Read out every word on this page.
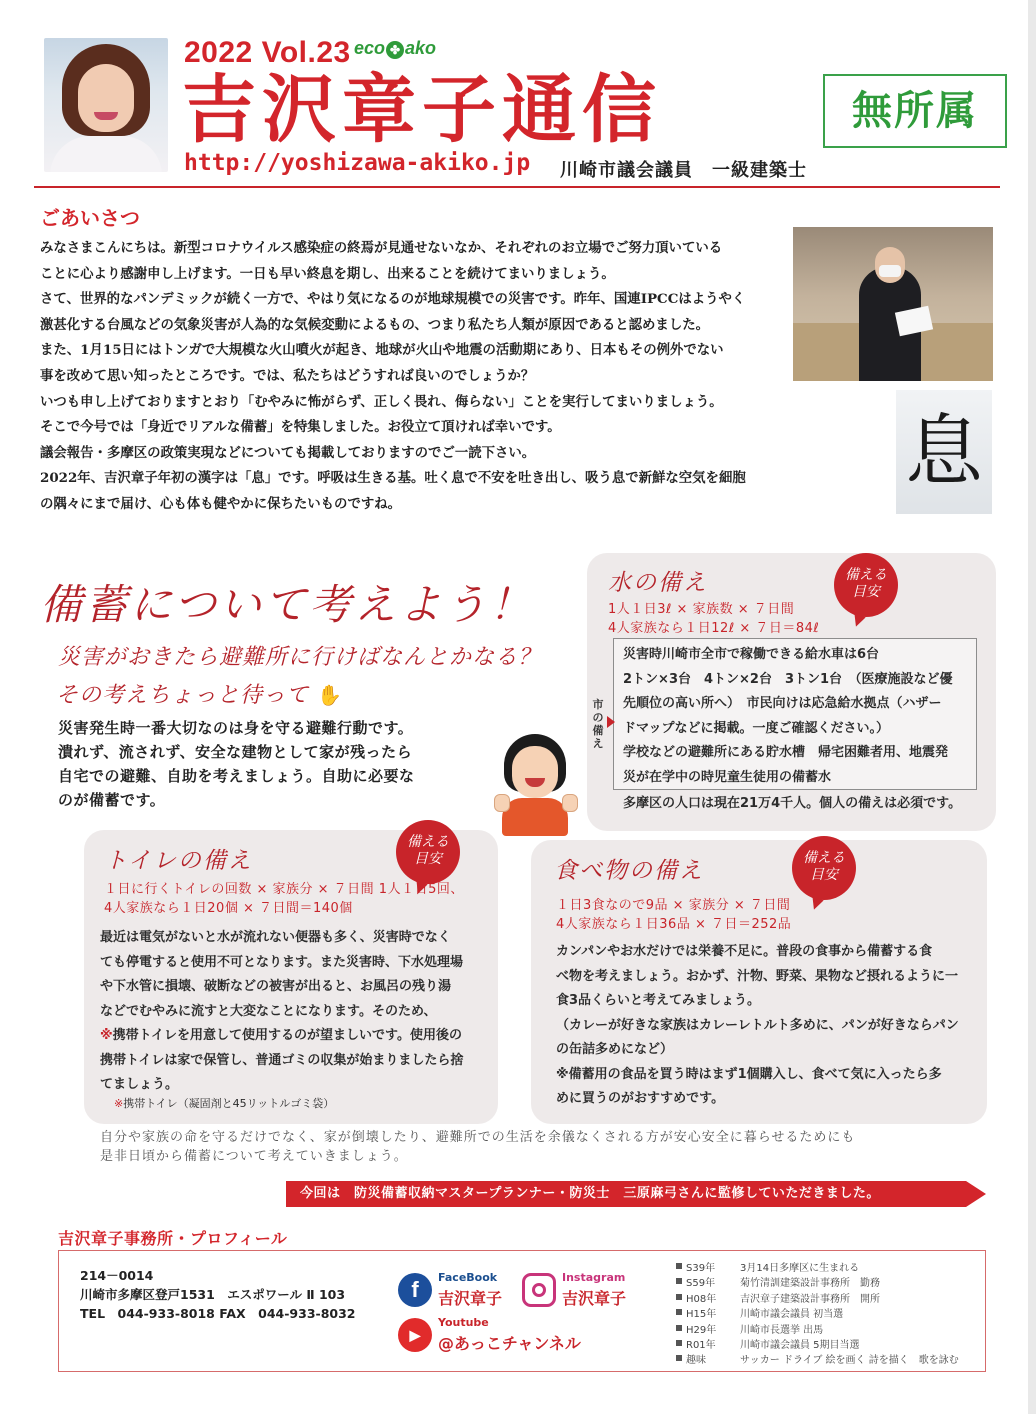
2022 Vol.23 eco ✤ ako
吉沢章子通信
http://yoshizawa-akiko.jp 川崎市議会議員　一級建築士
無所属
ごあいさつ

みなさまこんにちは。新型コロナウイルス感染症の終焉が見通せないなか、それぞれのお立場でご努力頂いている

ことに心より感謝申し上げます。一日も早い終息を期し、出来ることを続けてまいりましょう。

さて、世界的なパンデミックが続く一方で、やはり気になるのが地球規模での災害です。昨年、国連IPCCはようやく

激甚化する台風などの気象災害が人為的な気候変動によるもの、つまり私たち人類が原因であると認めました。

また、1月15日にはトンガで大規模な火山噴火が起き、地球が火山や地震の活動期にあり、日本もその例外でない

事を改めて思い知ったところです。では、私たちはどうすれば良いのでしょうか？

いつも申し上げておりますとおり「むやみに怖がらず、正しく畏れ、侮らない」ことを実行してまいりましょう。

そこで今号では「身近でリアルな備蓄」を特集しました。お役立て頂ければ幸いです。

議会報告・多摩区の政策実現などについても掲載しておりますのでご一読下さい。

2022年、吉沢章子年初の漢字は「息」です。呼吸は生きる基。吐く息で不安を吐き出し、吸う息で新鮮な空気を細胞

の隅々にまで届け、心も体も健やかに保ちたいものですね。

息
備蓄について考えよう！
災害がおきたら避難所に行けばなんとかなる？
その考えちょっと待って ✋

災害発生時一番大切なのは身を守る避難行動です。

潰れず、流されず、安全な建物として家が残ったら

自宅での避難、自助を考えましょう。自助に必要な

のが備蓄です。

水の備え	備える
目安
1人１日3ℓ × 家族数 × ７日間
4人家族なら１日12ℓ × ７日＝84ℓ
市の備え
災害時川崎市全市で稼働できる給水車は6台
2トン×3台　4トン×2台　3トン1台　（医療施設など優
先順位の高い所へ）　市民向けは応急給水拠点（ハザー
ドマップなどに掲載。一度ご確認ください。）
学校などの避難所にある貯水槽　帰宅困難者用、地震発
災が在学中の時児童生徒用の備蓄水
多摩区の人口は現在21万4千人。個人の備えは必須です。
トイレの備え
備える
目安
１日に行くトイレの回数 × 家族分 × ７日間 1人１日5回、
4人家族なら１日20個 × ７日間＝140個
最近は電気がないと水が流れない便器も多く、災害時でなく
ても停電すると使用不可となります。また災害時、下水処理場
や下水管に損壊、破断などの被害が出ると、お風呂の残り湯
などでむやみに流すと大変なことになります。そのため、
※携帯トイレを用意して使用するのが望ましいです。使用後の
携帯トイレは家で保管し、普通ゴミの収集が始まりましたら捨
てましょう。
※携帯トイレ（凝固剤と45リットルゴミ袋）
食べ物の備え	備える
目安
１日3食なので9品 × 家族分 × ７日間
4人家族なら１日36品 × ７日＝252品
カンパンやお水だけでは栄養不足に。普段の食事から備蓄する食
べ物を考えましょう。おかず、汁物、野菜、果物など摂れるように一
食3品くらいと考えてみましょう。
（カレーが好きな家族はカレーレトルト多めに、パンが好きならパン
の缶詰多めになど）
※備蓄用の食品を買う時はまず1個購入し、食べて気に入ったら多
めに買うのがおすすめです。
自分や家族の命を守るだけでなく、家が倒壊したり、避難所での生活を余儀なくされる方が安心安全に暮らせるためにも
是非日頃から備蓄について考えていきましょう。
今回は　防災備蓄収納マスタープランナー・防災士　三原麻弓さんに監修していただきました。
吉沢章子事務所・プロフィール
214－0014
川崎市多摩区登戸1531　エスポワール Ⅱ 103
TEL　044-933-8018 FAX　044-933-8032
f	FaceBook
吉沢章子
Instagram
吉沢章子
▶
Youtube
@あっこチャンネル
S39年 3月14日多摩区に生まれる
S59年 菊竹清訓建築設計事務所　勤務
H08年 吉沢章子建築設計事務所　開所
H15年 川崎市議会議員 初当選
H29年 川崎市長選挙 出馬
R01年 川崎市議会議員 5期目当選
趣味	サッカー ドライブ 絵を画く 詩を描く　歌を詠む
